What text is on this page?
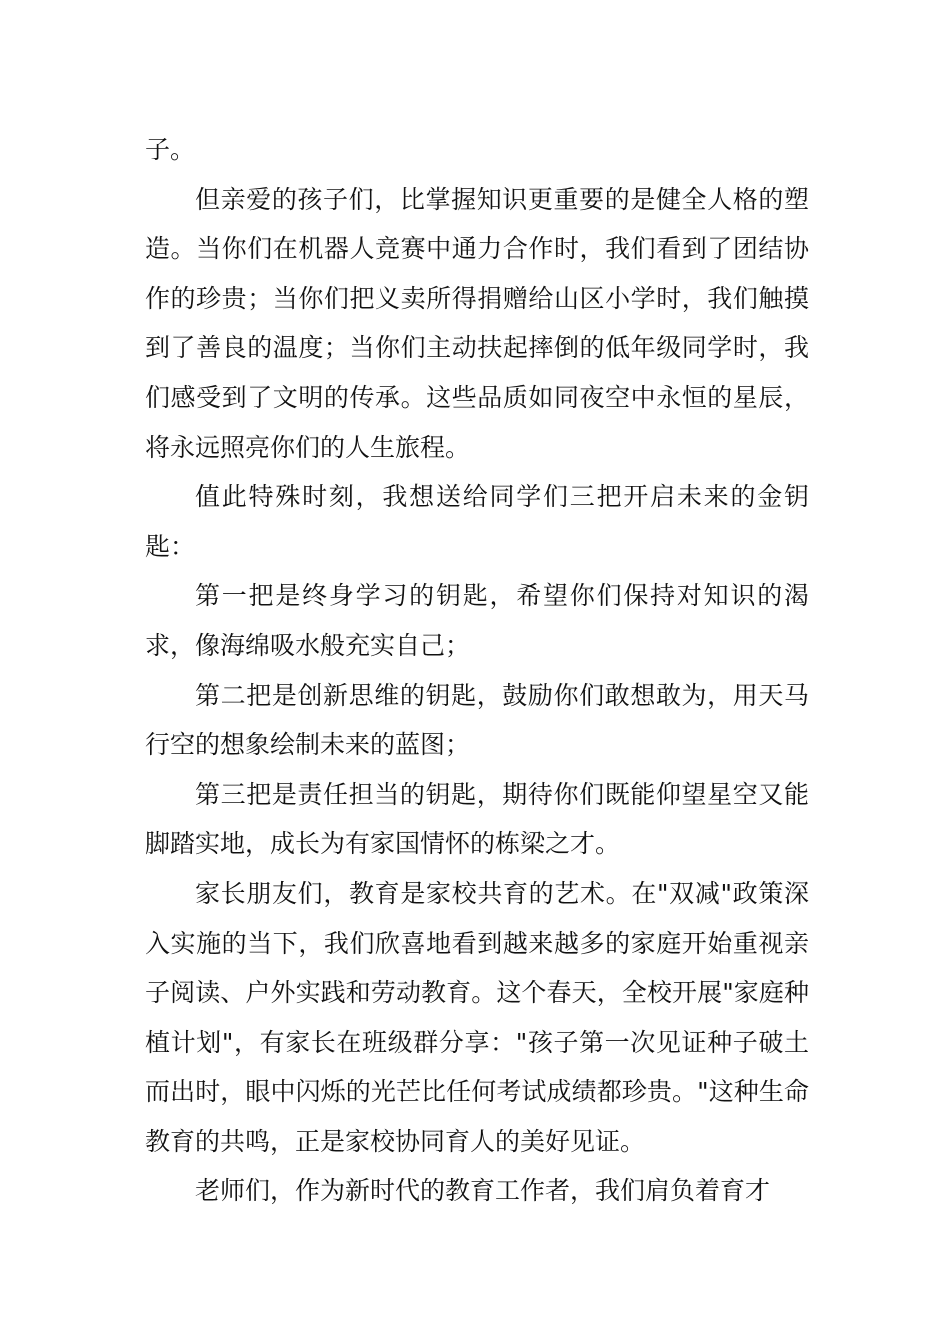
子。

但亲爱的孩子们，比掌握知识更重要的是健全人格的塑造。当你们在机器人竞赛中通力合作时，我们看到了团结协作的珍贵；当你们把义卖所得捐赠给山区小学时，我们触摸到了善良的温度；当你们主动扶起摔倒的低年级同学时，我们感受到了文明的传承。这些品质如同夜空中永恒的星辰，将永远照亮你们的人生旅程。

值此特殊时刻，我想送给同学们三把开启未来的金钥匙：

第一把是终身学习的钥匙，希望你们保持对知识的渴求，像海绵吸水般充实自己；

第二把是创新思维的钥匙，鼓励你们敢想敢为，用天马行空的想象绘制未来的蓝图；

第三把是责任担当的钥匙，期待你们既能仰望星空又能脚踏实地，成长为有家国情怀的栋梁之才。

家长朋友们，教育是家校共育的艺术。在"双减"政策深入实施的当下，我们欣喜地看到越来越多的家庭开始重视亲子阅读、户外实践和劳动教育。这个春天，全校开展"家庭种植计划"，有家长在班级群分享："孩子第一次见证种子破土而出时，眼中闪烁的光芒比任何考试成绩都珍贵。"这种生命教育的共鸣，正是家校协同育人的美好见证。

老师们，作为新时代的教育工作者，我们肩负着育才
